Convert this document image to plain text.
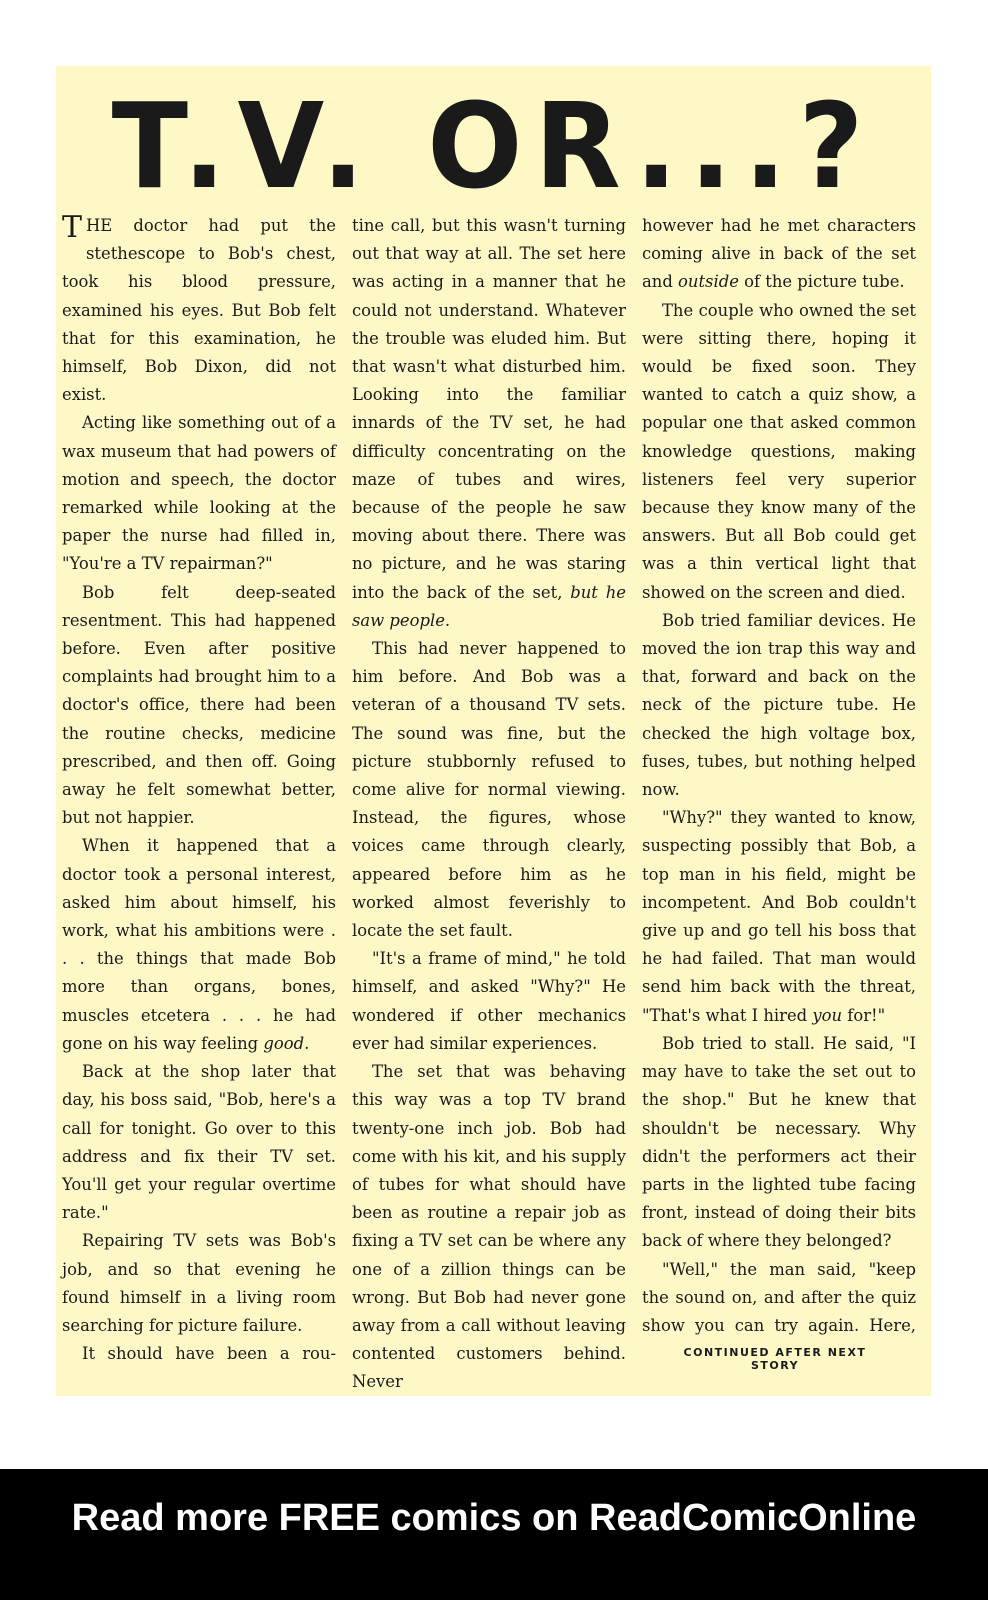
T.V. OR...?

THE doctor had put the stethescope to Bob's chest, took his blood pressure, examined his eyes. But Bob felt that for this examination, he himself, Bob Dixon, did not exist.

Acting like something out of a wax museum that had powers of motion and speech, the doctor remarked while looking at the paper the nurse had filled in, "You're a TV repairman?"

Bob felt deep-seated resentment. This had happened before. Even after positive complaints had brought him to a doctor's office, there had been the routine checks, medicine prescribed, and then off. Going away he felt somewhat better, but not happier.

When it happened that a doctor took a personal interest, asked him about himself, his work, what his ambitions were . . . the things that made Bob more than organs, bones, muscles etcetera . . . he had gone on his way feeling good.

Back at the shop later that day, his boss said, "Bob, here's a call for tonight. Go over to this address and fix their TV set. You'll get your regular overtime rate."

Repairing TV sets was Bob's job, and so that evening he found himself in a living room searching for picture failure.

It should have been a rou-

tine call, but this wasn't turning out that way at all. The set here was acting in a manner that he could not understand. Whatever the trouble was eluded him. But that wasn't what disturbed him. Looking into the familiar innards of the TV set, he had difficulty concentrating on the maze of tubes and wires, because of the people he saw moving about there. There was no picture, and he was staring into the back of the set, but he saw people.

This had never happened to him before. And Bob was a veteran of a thousand TV sets. The sound was fine, but the picture stubbornly refused to come alive for normal viewing. Instead, the figures, whose voices came through clearly, appeared before him as he worked almost feverishly to locate the set fault.

"It's a frame of mind," he told himself, and asked "Why?" He wondered if other mechanics ever had similar experiences.

The set that was behaving this way was a top TV brand twenty-one inch job. Bob had come with his kit, and his supply of tubes for what should have been as routine a repair job as fixing a TV set can be where any one of a zillion things can be wrong. But Bob had never gone away from a call without leaving contented customers behind. Never

however had he met characters coming alive in back of the set and outside of the picture tube.

The couple who owned the set were sitting there, hoping it would be fixed soon. They wanted to catch a quiz show, a popular one that asked common knowledge questions, making listeners feel very superior because they know many of the answers. But all Bob could get was a thin vertical light that showed on the screen and died.

Bob tried familiar devices. He moved the ion trap this way and that, forward and back on the neck of the picture tube. He checked the high voltage box, fuses, tubes, but nothing helped now.

"Why?" they wanted to know, suspecting possibly that Bob, a top man in his field, might be incompetent. And Bob couldn't give up and go tell his boss that he had failed. That man would send him back with the threat, "That's what I hired you for!"

Bob tried to stall. He said, "I may have to take the set out to the shop." But he knew that shouldn't be necessary. Why didn't the performers act their parts in the lighted tube facing front, instead of doing their bits back of where they belonged?

"Well," the man said, "keep the sound on, and after the quiz show you can try again. Here,

CONTINUED AFTER NEXT STORY
Read more FREE comics on ReadComicOnline
